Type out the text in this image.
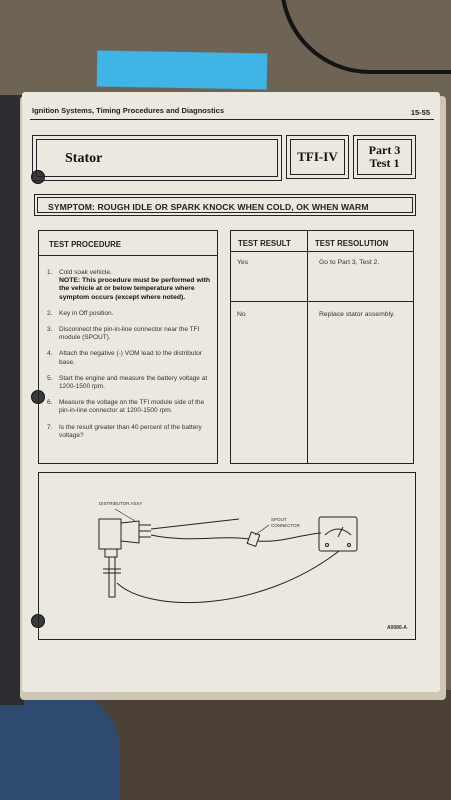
Ignition Systems, Timing Procedures and Diagnostics	15-55
Stator	TFI-IV	Part 3
Test 1
SYMPTOM: ROUGH IDLE OR SPARK KNOCK WHEN COLD, OK WHEN WARM
TEST PROCEDURE
1. Cold soak vehicle.
NOTE: This procedure must be performed with the vehicle at or below temperature where symptom occurs (except where noted).
2. Key in Off position.
3. Disconnect the pin-in-line connector near the TFI module (SPOUT).
4. Attach the negative (-) VOM lead to the distributor base.
5. Start the engine and measure the battery voltage at 1200-1500 rpm.
6. Measure the voltage on the TFI module side of the pin-in-line connector at 1200-1500 rpm.
7. Is the result greater than 40 percent of the battery voltage?
TEST RESULT	TEST RESOLUTION
Yes	Go to Part 3, Test 2.
No	Replace stator assembly.
DISTRIBUTOR ASSY
SPOUT
CONNECTOR
A0086-A
